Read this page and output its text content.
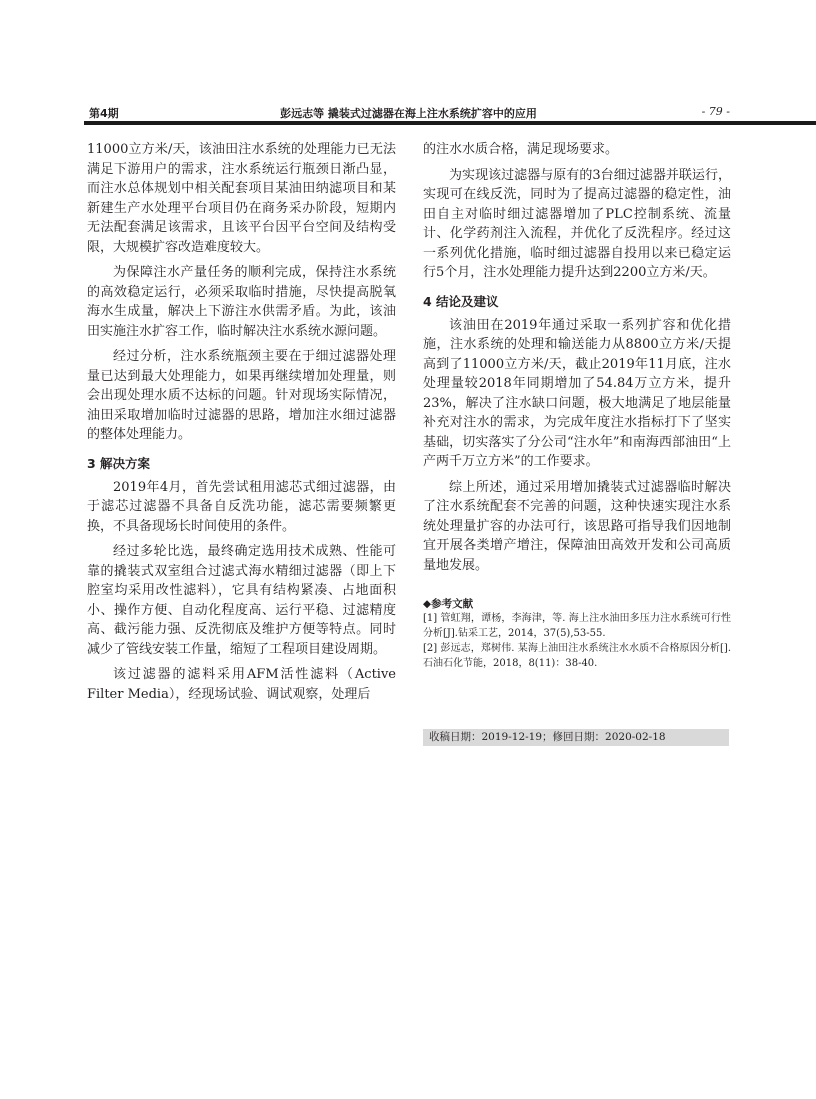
第4期	彭远志等 撬装式过滤器在海上注水系统扩容中的应用	- 79 -

11000立方米/天，该油田注水系统的处理能力已无法满足下游用户的需求，注水系统运行瓶颈日渐凸显，而注水总体规划中相关配套项目某油田纳滤项目和某新建生产水处理平台项目仍在商务采办阶段，短期内无法配套满足该需求，且该平台因平台空间及结构受限，大规模扩容改造难度较大。

为保障注水产量任务的顺利完成，保持注水系统的高效稳定运行，必须采取临时措施，尽快提高脱氧海水生成量，解决上下游注水供需矛盾。为此，该油田实施注水扩容工作，临时解决注水系统水源问题。

经过分析，注水系统瓶颈主要在于细过滤器处理量已达到最大处理能力，如果再继续增加处理量，则会出现处理水质不达标的问题。针对现场实际情况，油田采取增加临时过滤器的思路，增加注水细过滤器的整体处理能力。

3 解决方案

2019年4月，首先尝试租用滤芯式细过滤器，由于滤芯过滤器不具备自反洗功能，滤芯需要频繁更换，不具备现场长时间使用的条件。

经过多轮比选，最终确定选用技术成熟、性能可靠的撬装式双室组合过滤式海水精细过滤器（即上下腔室均采用改性滤料），它具有结构紧凑、占地面积小、操作方便、自动化程度高、运行平稳、过滤精度高、截污能力强、反洗彻底及维护方便等特点。同时减少了管线安装工作量，缩短了工程项目建设周期。

该过滤器的滤料采用AFM活性滤料（Active Filter Media），经现场试验、调试观察，处理后

的注水水质合格，满足现场要求。

为实现该过滤器与原有的3台细过滤器并联运行，实现可在线反洗，同时为了提高过滤器的稳定性，油田自主对临时细过滤器增加了PLC控制系统、流量计、化学药剂注入流程，并优化了反洗程序。经过这一系列优化措施，临时细过滤器自投用以来已稳定运行5个月，注水处理能力提升达到2200立方米/天。

4 结论及建议

该油田在2019年通过采取一系列扩容和优化措施，注水系统的处理和输送能力从8800立方米/天提高到了11000立方米/天，截止2019年11月底，注水处理量较2018年同期增加了54.84万立方米，提升23%，解决了注水缺口问题，极大地满足了地层能量补充对注水的需求，为完成年度注水指标打下了坚实基础，切实落实了分公司“注水年”和南海西部油田“上产两千万立方米”的工作要求。

综上所述，通过采用增加撬装式过滤器临时解决了注水系统配套不完善的问题，这种快速实现注水系统处理量扩容的办法可行，该思路可指导我们因地制宜开展各类增产增注，保障油田高效开发和公司高质量地发展。

◆参考文献

[1] 管虹翔，谭杨，李海津，等. 海上注水油田多压力注水系统可行性分析[J].钻采工艺，2014，37(5),53-55.

[2] 彭远志，郑树伟. 某海上油田注水系统注水水质不合格原因分析[].石油石化节能，2018，8(11)：38-40.

收稿日期：2019-12-19；修回日期：2020-02-18
